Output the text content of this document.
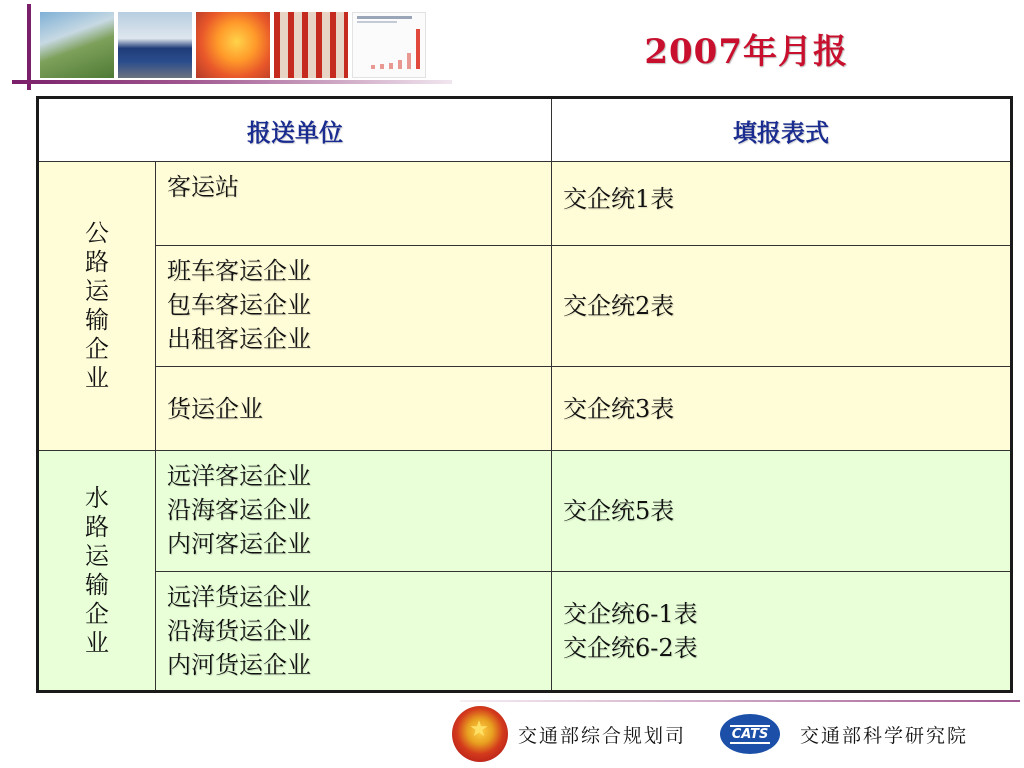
2007年月报
报送单位		填报表式
公路运输企业	客运站	交企统1表
	班车客运企业
包车客运企业
出租客运企业	交企统2表
	货运企业	交企统3表
水路运输企业	远洋客运企业
沿海客运企业
内河客运企业	交企统5表
	远洋货运企业
沿海货运企业
内河货运企业	交企统6-1表
交企统6-2表
★
交通部综合规划司	CATS 交通部科学研究院
